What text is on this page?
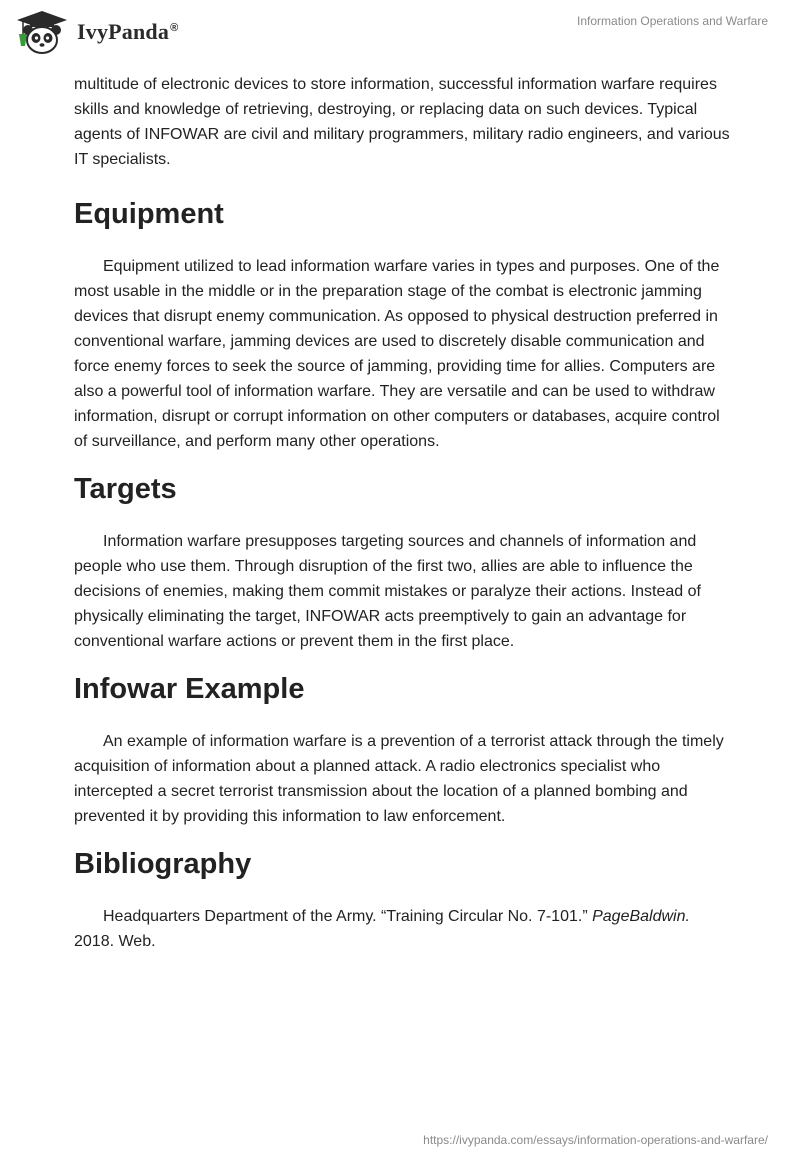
IvyPanda®	Information Operations and Warfare

multitude of electronic devices to store information, successful information warfare requires skills and knowledge of retrieving, destroying, or replacing data on such devices. Typical agents of INFOWAR are civil and military programmers, military radio engineers, and various IT specialists.

Equipment

Equipment utilized to lead information warfare varies in types and purposes. One of the most usable in the middle or in the preparation stage of the combat is electronic jamming devices that disrupt enemy communication. As opposed to physical destruction preferred in conventional warfare, jamming devices are used to discretely disable communication and force enemy forces to seek the source of jamming, providing time for allies. Computers are also a powerful tool of information warfare. They are versatile and can be used to withdraw information, disrupt or corrupt information on other computers or databases, acquire control of surveillance, and perform many other operations.

Targets

Information warfare presupposes targeting sources and channels of information and people who use them. Through disruption of the first two, allies are able to influence the decisions of enemies, making them commit mistakes or paralyze their actions. Instead of physically eliminating the target, INFOWAR acts preemptively to gain an advantage for conventional warfare actions or prevent them in the first place.

Infowar Example

An example of information warfare is a prevention of a terrorist attack through the timely acquisition of information about a planned attack. A radio electronics specialist who intercepted a secret terrorist transmission about the location of a planned bombing and prevented it by providing this information to law enforcement.

Bibliography

Headquarters Department of the Army. “Training Circular No. 7-101.” PageBaldwin. 2018. Web.

https://ivypanda.com/essays/information-operations-and-warfare/
